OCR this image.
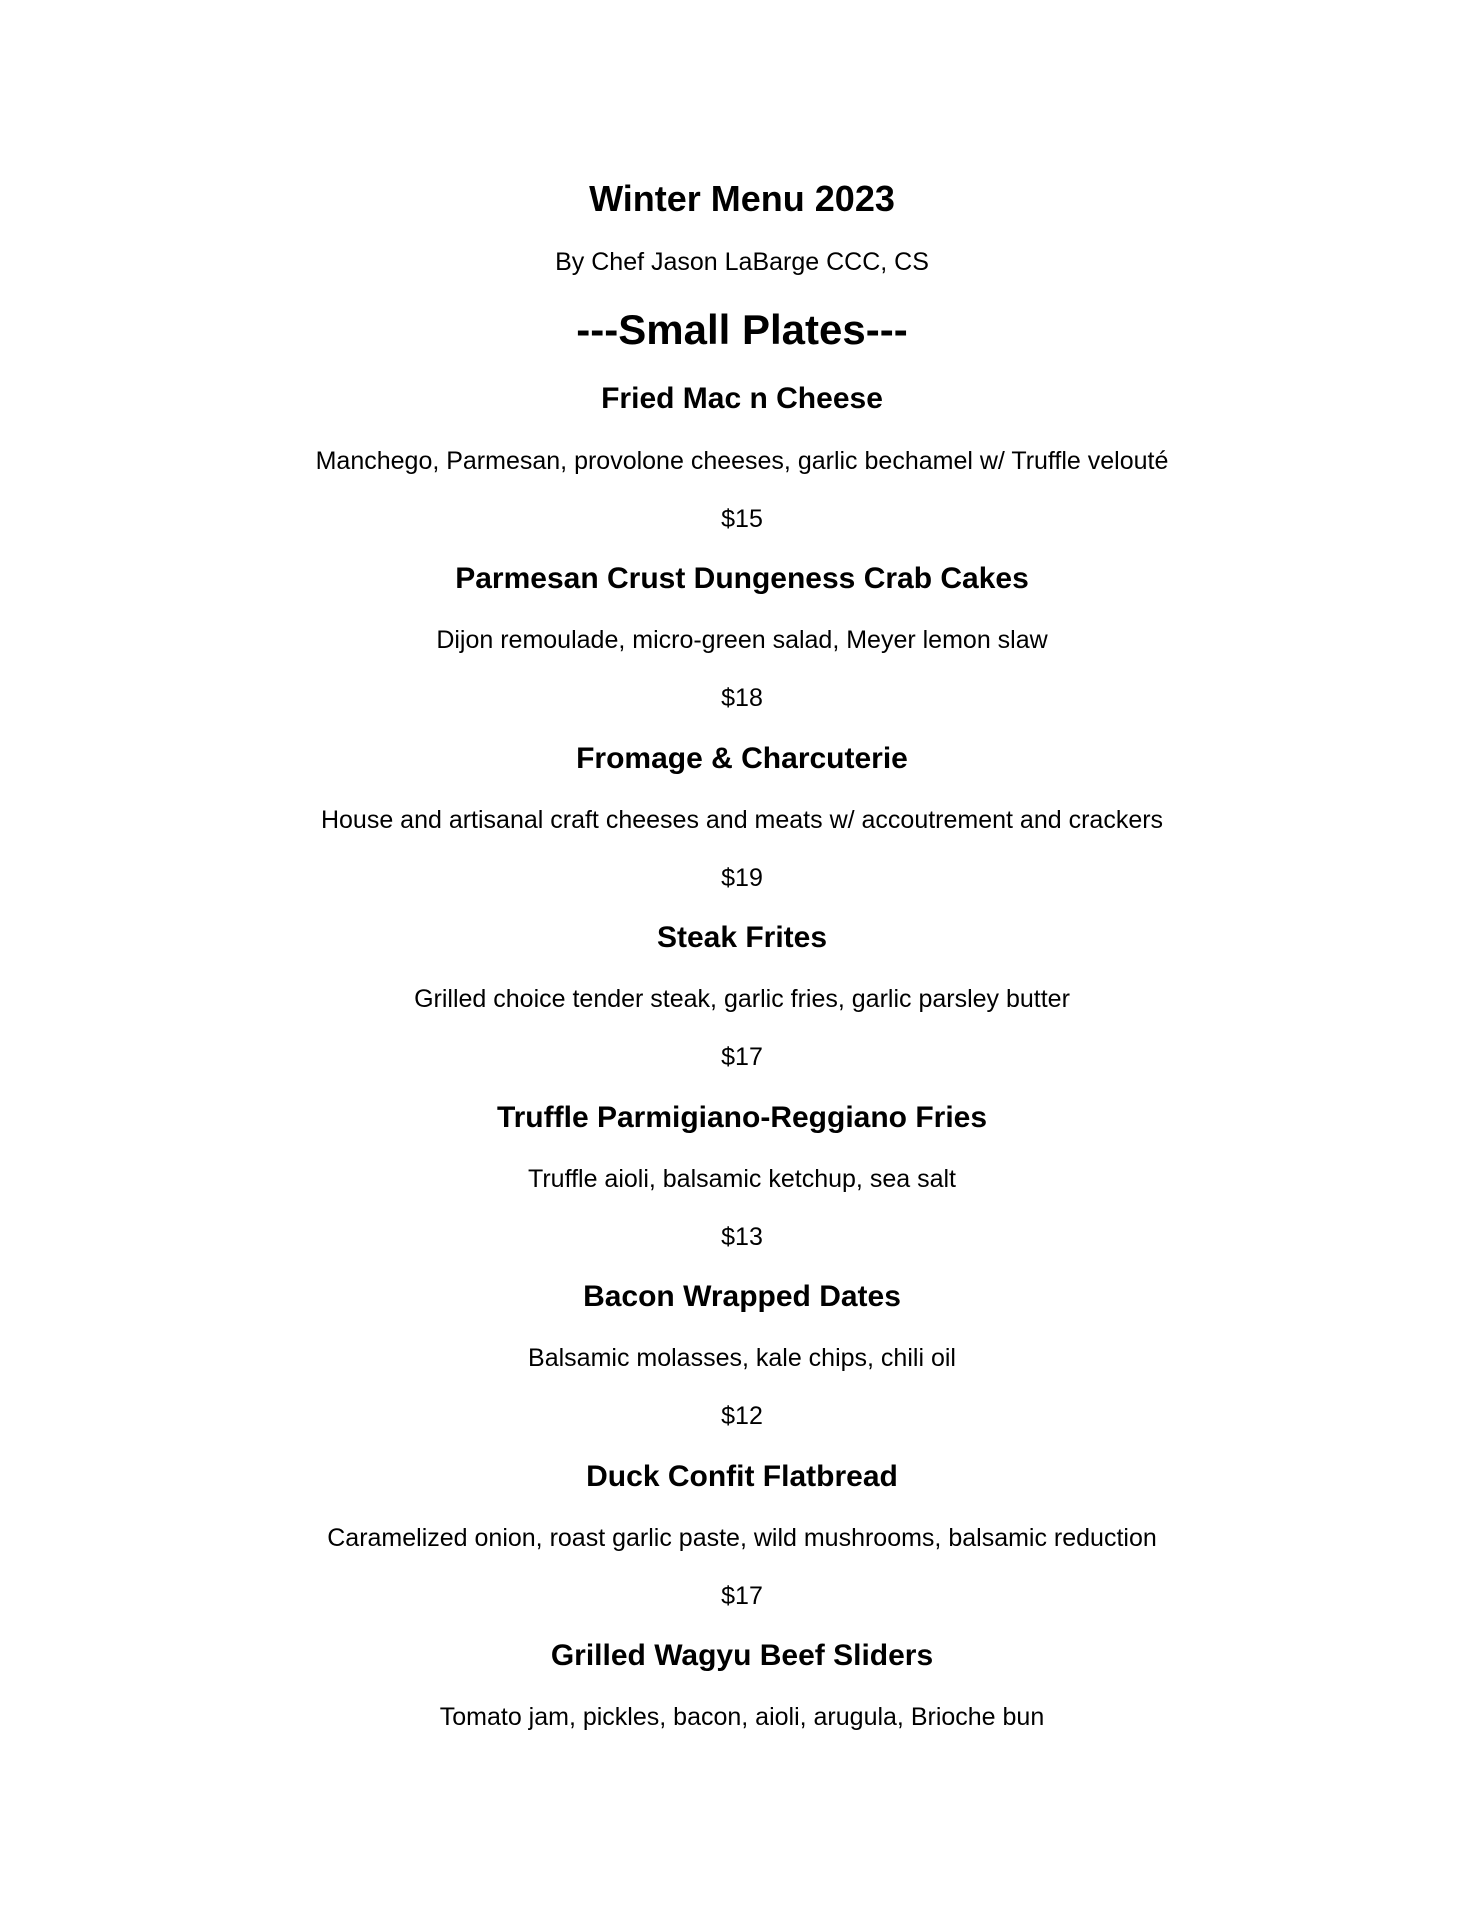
Winter Menu 2023
By Chef Jason LaBarge CCC, CS
---Small Plates---
Fried Mac n Cheese
Manchego, Parmesan, provolone cheeses, garlic bechamel w/ Truffle velouté
$15
Parmesan Crust Dungeness Crab Cakes
Dijon remoulade, micro-green salad, Meyer lemon slaw
$18
Fromage & Charcuterie
House and artisanal craft cheeses and meats w/ accoutrement and crackers
$19
Steak Frites
Grilled choice tender steak, garlic fries, garlic parsley butter
$17
Truffle Parmigiano-Reggiano Fries
Truffle aioli, balsamic ketchup, sea salt
$13
Bacon Wrapped Dates
Balsamic molasses, kale chips, chili oil
$12
Duck Confit Flatbread
Caramelized onion, roast garlic paste, wild mushrooms, balsamic reduction
$17
Grilled Wagyu Beef Sliders
Tomato jam, pickles, bacon, aioli, arugula, Brioche bun
